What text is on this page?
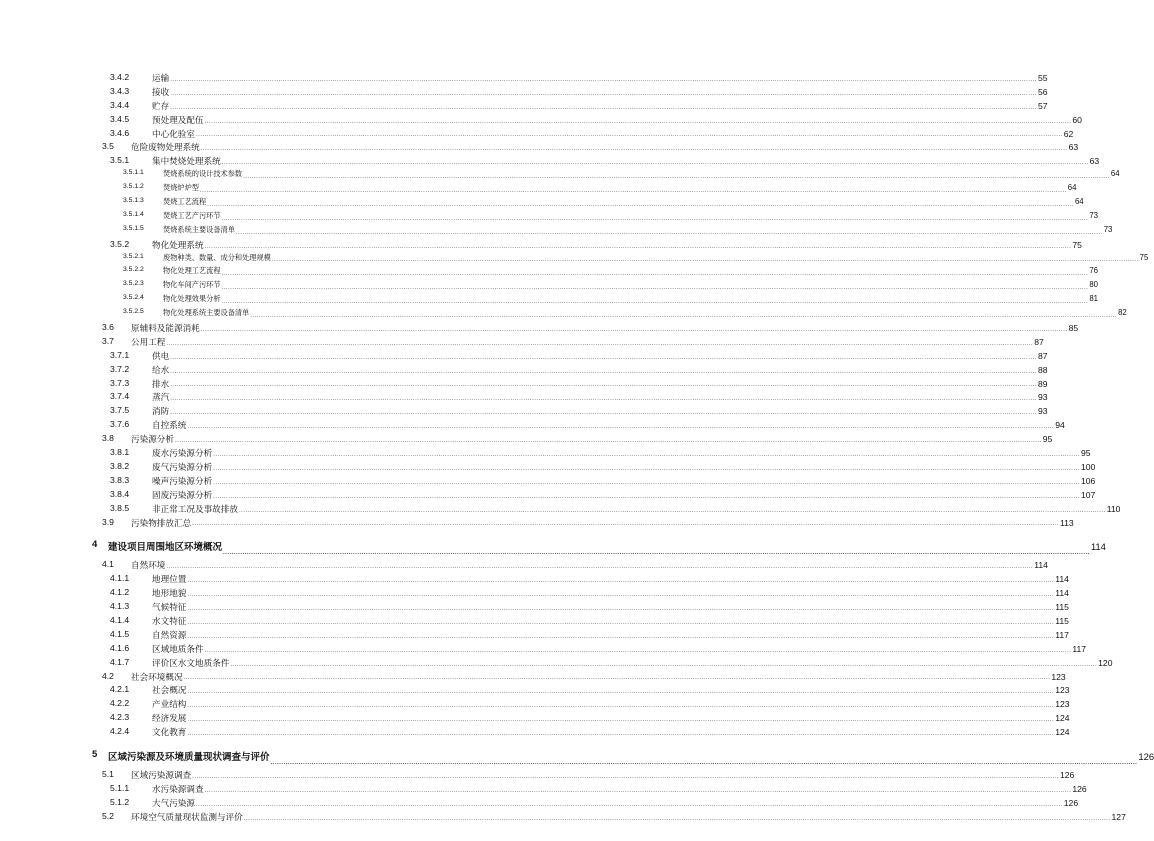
3.4.2	运输 ................................................................................................................................................................................................................................................................................................................................................................................................................ 55
3.4.3	接收 ................................................................................................................................................................................................................................................................................................................................................................................................................ 56
3.4.4	贮存 ................................................................................................................................................................................................................................................................................................................................................................................................................ 57
3.4.5	预处理及配伍 ................................................................................................................................................................................................................................................................................................................................................................................................................ 60
3.4.6	中心化验室 ................................................................................................................................................................................................................................................................................................................................................................................................................ 62
3.5 危险废物处理系统 ................................................................................................................................................................................................................................................................................................................................................................................................................ 63
3.5.1	集中焚烧处理系统 ................................................................................................................................................................................................................................................................................................................................................................................................................ 63
3.5.1.1	焚烧系统的设计技术参数 ................................................................................................................................................................................................................................................................................................................................................................................................................ 64
3.5.1.2	焚烧炉炉型 ................................................................................................................................................................................................................................................................................................................................................................................................................ 64
3.5.1.3	焚烧工艺流程 ................................................................................................................................................................................................................................................................................................................................................................................................................ 64
3.5.1.4	焚烧工艺产污环节 ................................................................................................................................................................................................................................................................................................................................................................................................................ 73
3.5.1.5	焚烧系统主要设备清单 ................................................................................................................................................................................................................................................................................................................................................................................................................ 73
3.5.2	物化处理系统 ................................................................................................................................................................................................................................................................................................................................................................................................................ 75
3.5.2.1	废物种类、数量、成分和处理规模 ................................................................................................................................................................................................................................................................................................................................................................................................................ 75
3.5.2.2	物化处理工艺流程 ................................................................................................................................................................................................................................................................................................................................................................................................................ 76
3.5.2.3	物化车间产污环节 ................................................................................................................................................................................................................................................................................................................................................................................................................ 80
3.5.2.4	物化处理效果分析 ................................................................................................................................................................................................................................................................................................................................................................................................................ 81
3.5.2.5	物化处理系统主要设备清单 ................................................................................................................................................................................................................................................................................................................................................................................................................ 82
3.6 原辅料及能源消耗 ................................................................................................................................................................................................................................................................................................................................................................................................................ 85
3.7 公用工程 ................................................................................................................................................................................................................................................................................................................................................................................................................ 87
3.7.1	供电 ................................................................................................................................................................................................................................................................................................................................................................................................................ 87
3.7.2	给水 ................................................................................................................................................................................................................................................................................................................................................................................................................ 88
3.7.3	排水 ................................................................................................................................................................................................................................................................................................................................................................................................................ 89
3.7.4	蒸汽 ................................................................................................................................................................................................................................................................................................................................................................................................................ 93
3.7.5	消防 ................................................................................................................................................................................................................................................................................................................................................................................................................ 93
3.7.6	自控系统 ................................................................................................................................................................................................................................................................................................................................................................................................................ 94
3.8 污染源分析 ................................................................................................................................................................................................................................................................................................................................................................................................................ 95
3.8.1	废水污染源分析 ................................................................................................................................................................................................................................................................................................................................................................................................................ 95
3.8.2	废气污染源分析 ................................................................................................................................................................................................................................................................................................................................................................................................................ 100
3.8.3	噪声污染源分析 ................................................................................................................................................................................................................................................................................................................................................................................................................ 106
3.8.4	固废污染源分析 ................................................................................................................................................................................................................................................................................................................................................................................................................ 107
3.8.5	非正常工况及事故排放 ................................................................................................................................................................................................................................................................................................................................................................................................................ 110
3.9 污染物排放汇总 ................................................................................................................................................................................................................................................................................................................................................................................................................ 113
4 建设项目周围地区环境概况 ................................................................................................................................................................................................................................................................................................................................................................................................................ 114
4.1 自然环境 ................................................................................................................................................................................................................................................................................................................................................................................................................ 114
4.1.1	地理位置 ................................................................................................................................................................................................................................................................................................................................................................................................................ 114
4.1.2	地形地貌 ................................................................................................................................................................................................................................................................................................................................................................................................................ 114
4.1.3	气候特征 ................................................................................................................................................................................................................................................................................................................................................................................................................ 115
4.1.4	水文特征 ................................................................................................................................................................................................................................................................................................................................................................................................................ 115
4.1.5	自然资源 ................................................................................................................................................................................................................................................................................................................................................................................................................ 117
4.1.6	区域地质条件 ................................................................................................................................................................................................................................................................................................................................................................................................................ 117
4.1.7	评价区水文地质条件 ................................................................................................................................................................................................................................................................................................................................................................................................................ 120
4.2 社会环境概况 ................................................................................................................................................................................................................................................................................................................................................................................................................ 123
4.2.1	社会概况 ................................................................................................................................................................................................................................................................................................................................................................................................................ 123
4.2.2	产业结构 ................................................................................................................................................................................................................................................................................................................................................................................................................ 123
4.2.3	经济发展 ................................................................................................................................................................................................................................................................................................................................................................................................................ 124
4.2.4	文化教育 ................................................................................................................................................................................................................................................................................................................................................................................................................ 124
5 区域污染源及环境质量现状调查与评价 ................................................................................................................................................................................................................................................................................................................................................................................................................ 126
5.1 区域污染源调查 ................................................................................................................................................................................................................................................................................................................................................................................................................ 126
5.1.1	水污染源调查 ................................................................................................................................................................................................................................................................................................................................................................................................................ 126
5.1.2	大气污染源 ................................................................................................................................................................................................................................................................................................................................................................................................................ 126
5.2 环境空气质量现状监测与评价 ................................................................................................................................................................................................................................................................................................................................................................................................................ 127
